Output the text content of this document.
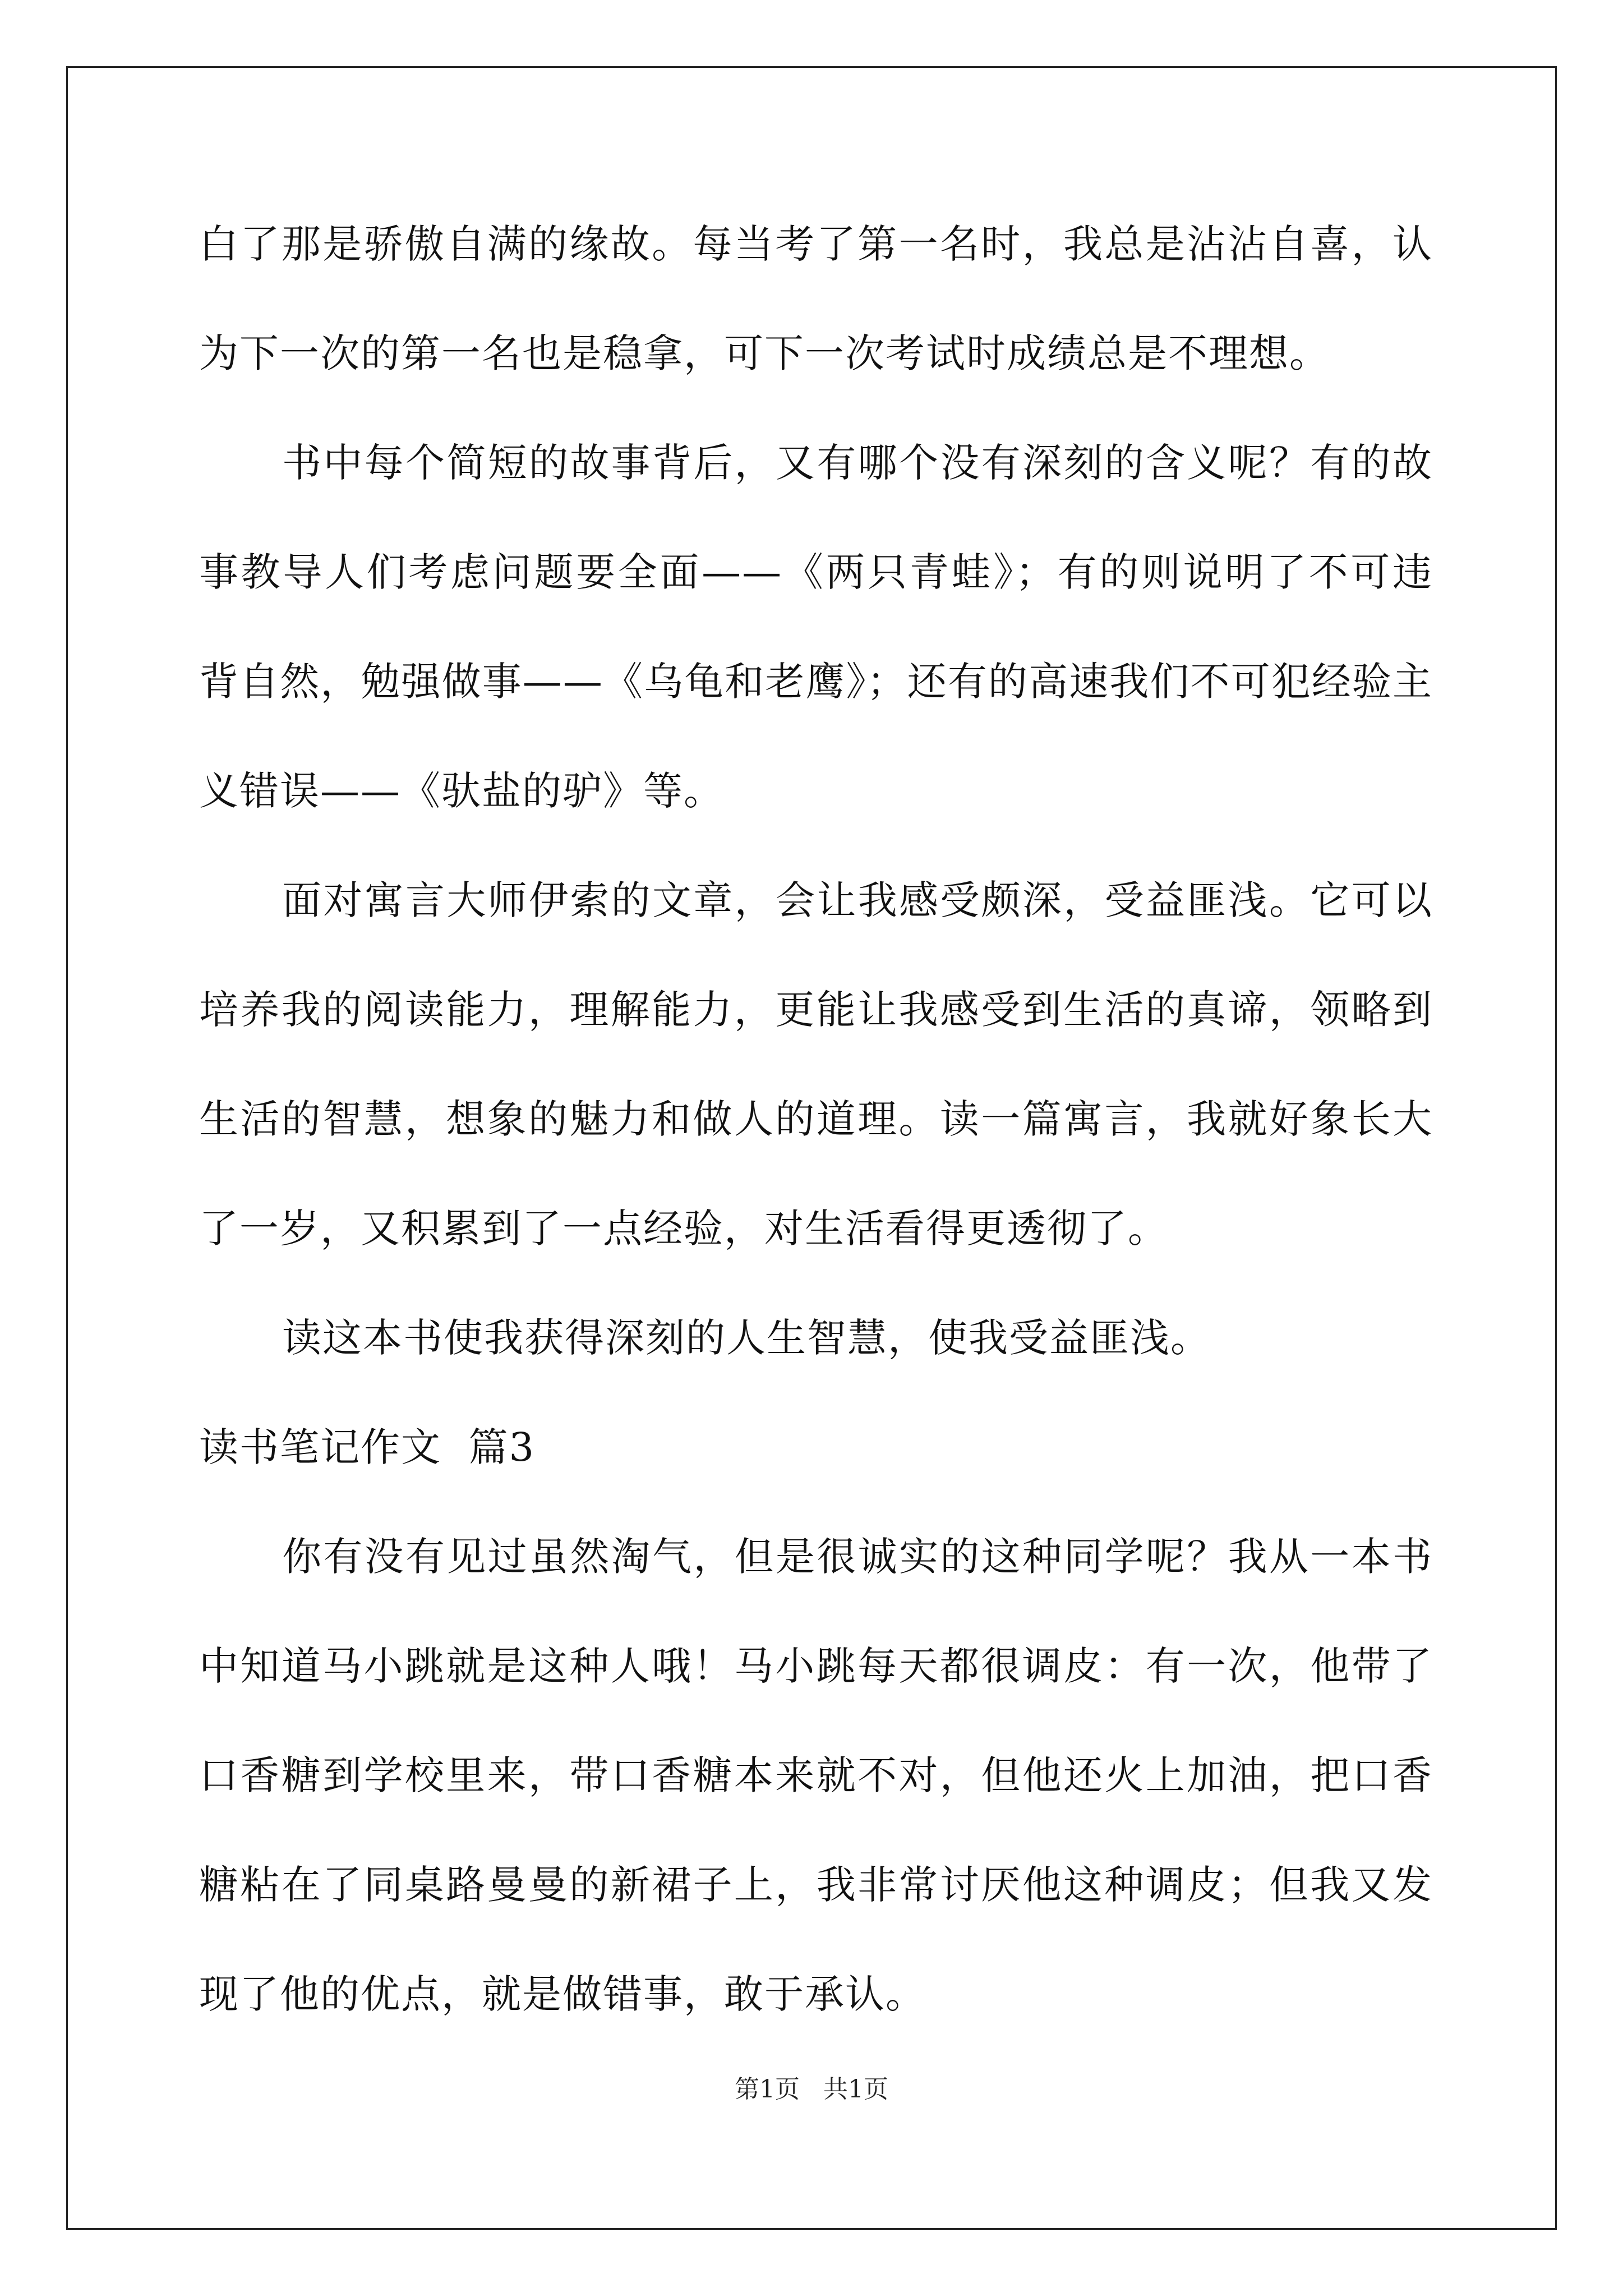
白了那是骄傲自满的缘故。每当考了第一名时，我总是沾沾自喜，认
为下一次的第一名也是稳拿，可下一次考试时成绩总是不理想。
书中每个简短的故事背后，又有哪个没有深刻的含义呢？有的故
事教导人们考虑问题要全面——《两只青蛙》；有的则说明了不可违
背自然，勉强做事——《乌龟和老鹰》；还有的高速我们不可犯经验主
义错误——《驮盐的驴》等。
面对寓言大师伊索的文章，会让我感受颇深，受益匪浅。它可以
培养我的阅读能力，理解能力，更能让我感受到生活的真谛，领略到
生活的智慧，想象的魅力和做人的道理。读一篇寓言，我就好象长大
了一岁，又积累到了一点经验，对生活看得更透彻了。
读这本书使我获得深刻的人生智慧，使我受益匪浅。
读书笔记作文  篇3
你有没有见过虽然淘气，但是很诚实的这种同学呢？我从一本书
中知道马小跳就是这种人哦！马小跳每天都很调皮：有一次，他带了
口香糖到学校里来，带口香糖本来就不对，但他还火上加油，把口香
糖粘在了同桌路曼曼的新裙子上，我非常讨厌他这种调皮；但我又发
现了他的优点，就是做错事，敢于承认。
第1页   共1页
